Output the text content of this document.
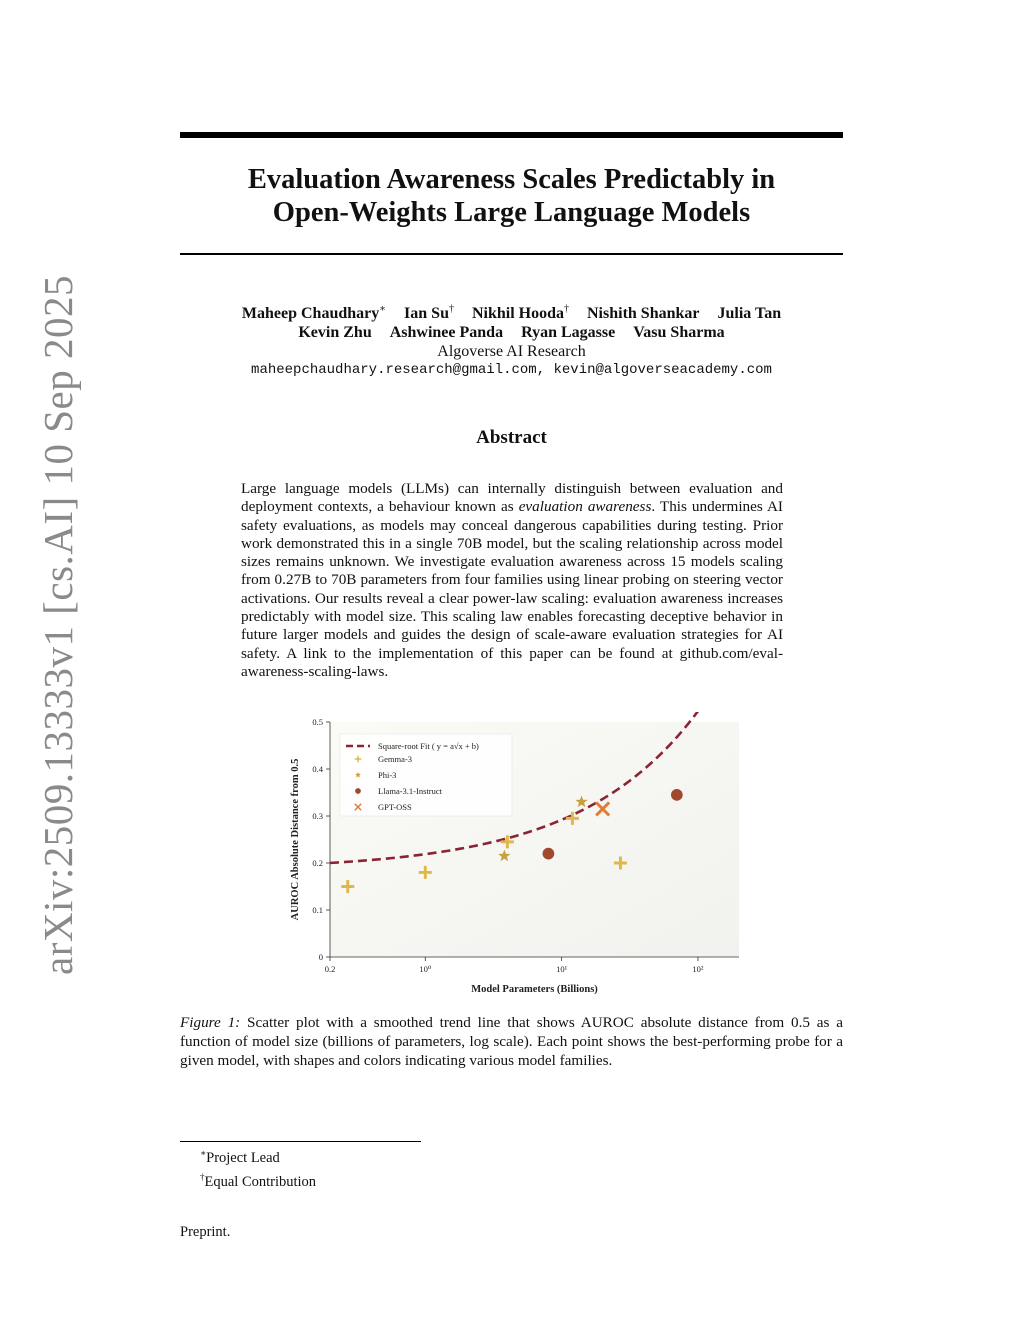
arXiv:2509.13333v1 [cs.AI] 10 Sep 2025
Evaluation Awareness Scales Predictably in
Open-Weights Large Language Models
Maheep Chaudhary∗ Ian Su† Nikhil Hooda† Nishith Shankar Julia Tan
Kevin Zhu Ashwinee Panda Ryan Lagasse Vasu Sharma
Algoverse AI Research
maheepchaudhary.research@gmail.com, kevin@algoverseacademy.com
Abstract
Large language models (LLMs) can internally distinguish between evaluation and deployment contexts, a behaviour known as evaluation awareness. This undermines AI safety evaluations, as models may conceal dangerous capabilities during testing. Prior work demonstrated this in a single 70B model, but the scaling relationship across model sizes remains unknown. We investigate evaluation awareness across 15 models scaling from 0.27B to 70B parameters from four families using linear probing on steering vector activations. Our results reveal a clear power-law scaling: evaluation awareness increases predictably with model size. This scaling law enables forecasting deceptive behavior in future larger models and guides the design of scale-aware evaluation strategies for AI safety. A link to the implementation of this paper can be found at github.com/eval-awareness-scaling-laws.
0
0.1
0.2
0.3
0.4
0.5
0.2	10⁰	10¹	10²
Model Parameters (Billions)
AUROC Absolute Distance from 0.5
Square-root Fit ( y = a√x + b)
Gemma-3
Phi-3
Llama-3.1-Instruct
GPT-OSS
Figure 1: Scatter plot with a smoothed trend line that shows AUROC absolute distance from 0.5 as a function of model size (billions of parameters, log scale). Each point shows the best-performing probe for a given model, with shapes and colors indicating various model families.
∗Project Lead
†Equal Contribution
Preprint.
